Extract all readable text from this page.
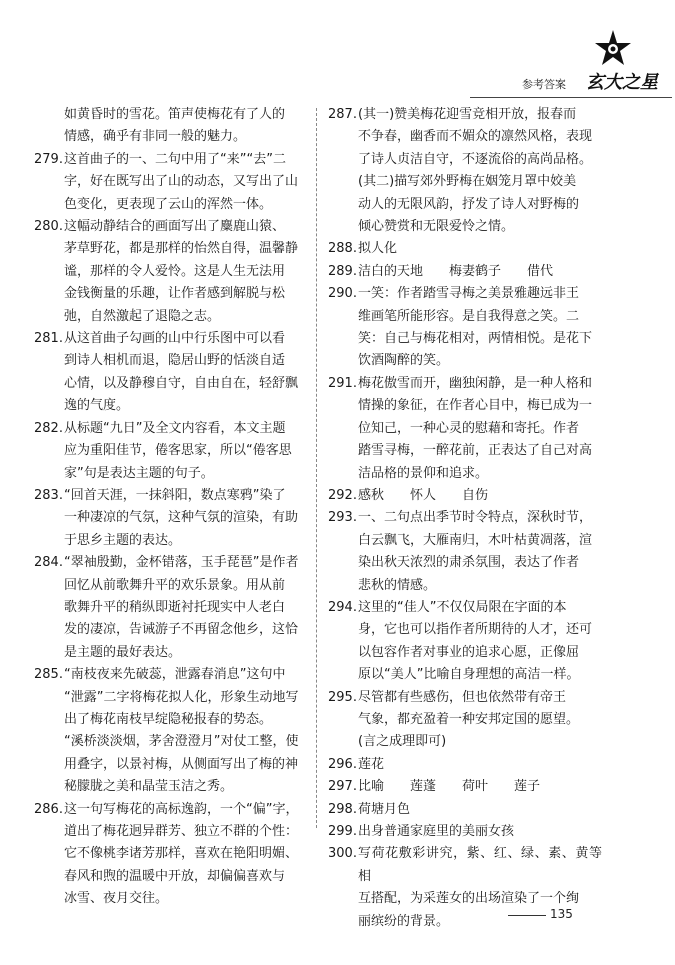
参考答案 玄大之星
如黄昏时的雪花。笛声使梅花有了人的
情感，确乎有非同一般的魅力。
279. 这首曲子的一、二句中用了“来”“去”二
字，好在既写出了山的动态，又写出了山
色变化，更表现了云山的浑然一体。
280. 这幅动静结合的画面写出了麋鹿山猿、
茅草野花，都是那样的怡然自得，温馨静
谧，那样的令人爱怜。这是人生无法用
金钱衡量的乐趣，让作者感到解脱与松
弛，自然激起了退隐之志。
281. 从这首曲子勾画的山中行乐图中可以看
到诗人相机而退，隐居山野的恬淡自适
心情，以及静穆自守，自由自在，轻舒飘
逸的气度。
282. 从标题“九日”及全文内容看，本文主题
应为重阳佳节，倦客思家，所以“倦客思
家”句是表达主题的句子。
283. “回首天涯，一抹斜阳，数点寒鸦”染了
一种凄凉的气氛，这种气氛的渲染，有助
于思乡主题的表达。
284. “翠袖殷勤，金杯错落，玉手琵琶”是作者
回忆从前歌舞升平的欢乐景象。用从前
歌舞升平的稍纵即逝衬托现实中人老白
发的凄凉，告诫游子不再留念他乡，这恰
是主题的最好表达。
285. “南枝夜来先破蕊，泄露春消息”这句中
“泄露”二字将梅花拟人化，形象生动地写
出了梅花南枝早绽隐秘报春的势态。
“溪桥淡淡烟，茅舍澄澄月”对仗工整，使
用叠字，以景衬梅，从侧面写出了梅的神
秘朦胧之美和晶莹玉洁之秀。
286. 这一句写梅花的高标逸韵，一个“偏”字，
道出了梅花迥异群芳、独立不群的个性：
它不像桃李诸芳那样，喜欢在艳阳明媚、
春风和煦的温暖中开放，却偏偏喜欢与
冰雪、夜月交往。
287. (其一)赞美梅花迎雪竞相开放，报春而
不争春，幽香而不媚众的凛然风格，表现
了诗人贞洁自守，不逐流俗的高尚品格。
(其二)描写郊外野梅在姻笼月罩中姣美
动人的无限风韵，抒发了诗人对野梅的
倾心赞赏和无限爱怜之情。
288. 拟人化
289. 洁白的天地　　梅妻鹤子　　借代
290. 一笑：作者踏雪寻梅之美景雅趣远非王
维画笔所能形容。是自我得意之笑。二
笑：自己与梅花相对，两情相悦。是花下
饮酒陶醉的笑。
291. 梅花傲雪而开，幽独闲静，是一种人格和
情操的象征，在作者心目中，梅已成为一
位知己，一种心灵的慰藉和寄托。作者
踏雪寻梅，一醉花前，正表达了自己对高
洁品格的景仰和追求。
292. 感秋　　怀人　　自伤
293. 一、二句点出季节时令特点，深秋时节，
白云飘飞，大雁南归，木叶枯黄凋落，渲
染出秋天浓烈的肃杀氛围，表达了作者
悲秋的情感。
294. 这里的“佳人”不仅仅局限在字面的本
身，它也可以指作者所期待的人才，还可
以包容作者对事业的追求心愿，正像屈
原以“美人”比喻自身理想的高洁一样。
295. 尽管都有些感伤，但也依然带有帝王
气象，都充盈着一种安邦定国的愿望。
(言之成理即可)
296. 莲花
297. 比喻　　莲蓬　　荷叶　　莲子
298. 荷塘月色
299. 出身普通家庭里的美丽女孩
300. 写荷花敷彩讲究，紫、红、绿、素、黄等相
互搭配，为采莲女的出场渲染了一个绚
丽缤纷的背景。	135
